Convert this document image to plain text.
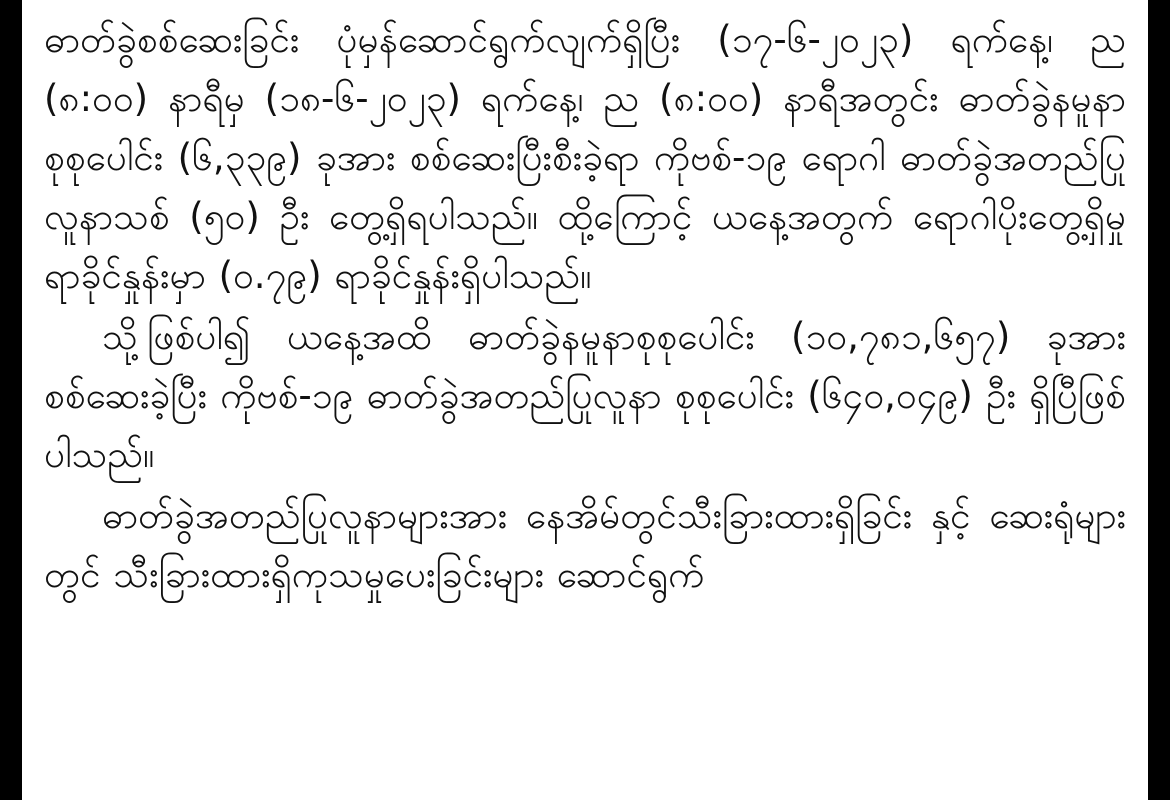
ဓာတ်ခွဲစစ်ဆေးခြင်း ပုံမှန်ဆောင်ရွက်လျက်ရှိပြီး (၁၇-၆-၂၀၂၃) ရက်နေ့၊ ည (၈:၀၀) နာရီမှ (၁၈-၆-၂၀၂၃) ရက်နေ့၊ ည (၈:၀၀) နာရီအတွင်း ဓာတ်ခွဲနမူနာစုစုပေါင်း (၆,၃၃၉) ခုအား စစ်ဆေးပြီးစီးခဲ့ရာ ကိုဗစ်-၁၉ ရောဂါ ဓာတ်ခွဲအတည်ပြုလူနာသစ် (၅၀) ဦး တွေ့ရှိရပါသည်။ ထို့ကြောင့် ယနေ့အတွက် ရောဂါပိုးတွေ့ရှိမှု ရာခိုင်နှုန်းမှာ (၀.၇၉) ရာခိုင်နှုန်းရှိပါသည်။

သို့ဖြစ်ပါ၍ ယနေ့အထိ ဓာတ်ခွဲနမူနာစုစုပေါင်း (၁၀,၇၈၁,၆၅၇) ခုအား စစ်ဆေးခဲ့ပြီး ကိုဗစ်-၁၉ ဓာတ်ခွဲအတည်ပြုလူနာ စုစုပေါင်း (၆၄၀,၀၄၉) ဦး ရှိပြီဖြစ်ပါသည်။

ဓာတ်ခွဲအတည်ပြုလူနာများအား နေအိမ်တွင်သီးခြားထားရှိခြင်း နှင့် ဆေးရုံများတွင် သီးခြားထားရှိကုသမှုပေးခြင်းများ ဆောင်ရွက်
